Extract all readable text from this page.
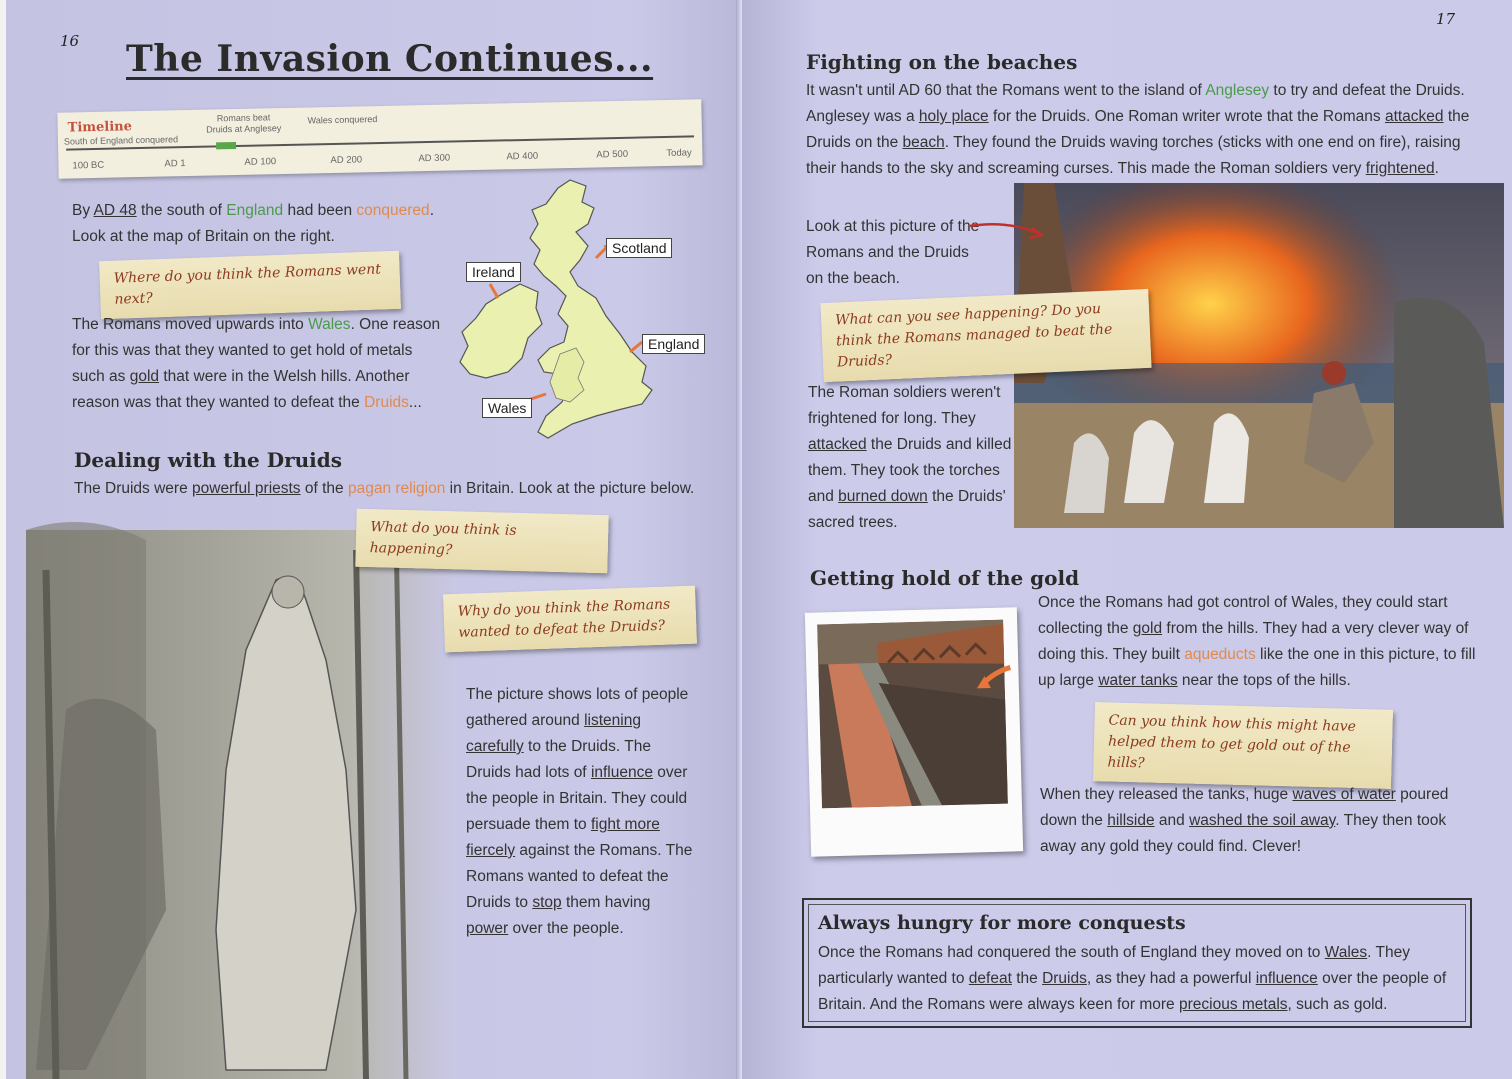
16 The Invasion Continues...
Timeline
South of England conquered
Romans beat Druids at Anglesey
Wales conquered
100 BC	AD 1	AD 100	AD 200	AD 300	AD 400	AD 500	Today
By AD 48 the south of England had been conquered.
Look at the map of Britain on the right.
Where do you think the Romans went next?
The Romans moved upwards into Wales. One reason for this was that they wanted to get hold of metals such as gold that were in the Welsh hills. Another reason was that they wanted to defeat the Druids...
Scotland
Ireland
England
Wales
Dealing with the Druids
The Druids were powerful priests of the pagan religion in Britain. Look at the picture below.
What do you think is happening?
Why do you think the Romans wanted to defeat the Druids?
The picture shows lots of people gathered around listening carefully to the Druids. The Druids had lots of influence over the people in Britain. They could persuade them to fight more fiercely against the Romans. The Romans wanted to defeat the Druids to stop them having power over the people.
17
Fighting on the beaches
It wasn't until AD 60 that the Romans went to the island of Anglesey to try and defeat the Druids. Anglesey was a holy place for the Druids. One Roman writer wrote that the Romans attacked the Druids on the beach. They found the Druids waving torches (sticks with one end on fire), raising their hands to the sky and screaming curses. This made the Roman soldiers very frightened.
Look at this picture of the Romans and the Druids on the beach.
What can you see happening? Do you think the Romans managed to beat the Druids?
The Roman soldiers weren't frightened for long. They attacked the Druids and killed them. They took the torches and burned down the Druids' sacred trees.
Getting hold of the gold
Once the Romans had got control of Wales, they could start collecting the gold from the hills. They had a very clever way of doing this. They built aqueducts like the one in this picture, to fill up large water tanks near the tops of the hills.
Can you think how this might have helped them to get gold out of the hills?
When they released the tanks, huge waves of water poured down the hillside and washed the soil away. They then took away any gold they could find. Clever!
Always hungry for more conquests
Once the Romans had conquered the south of England they moved on to Wales. They particularly wanted to defeat the Druids, as they had a powerful influence over the people of Britain. And the Romans were always keen for more precious metals, such as gold.
